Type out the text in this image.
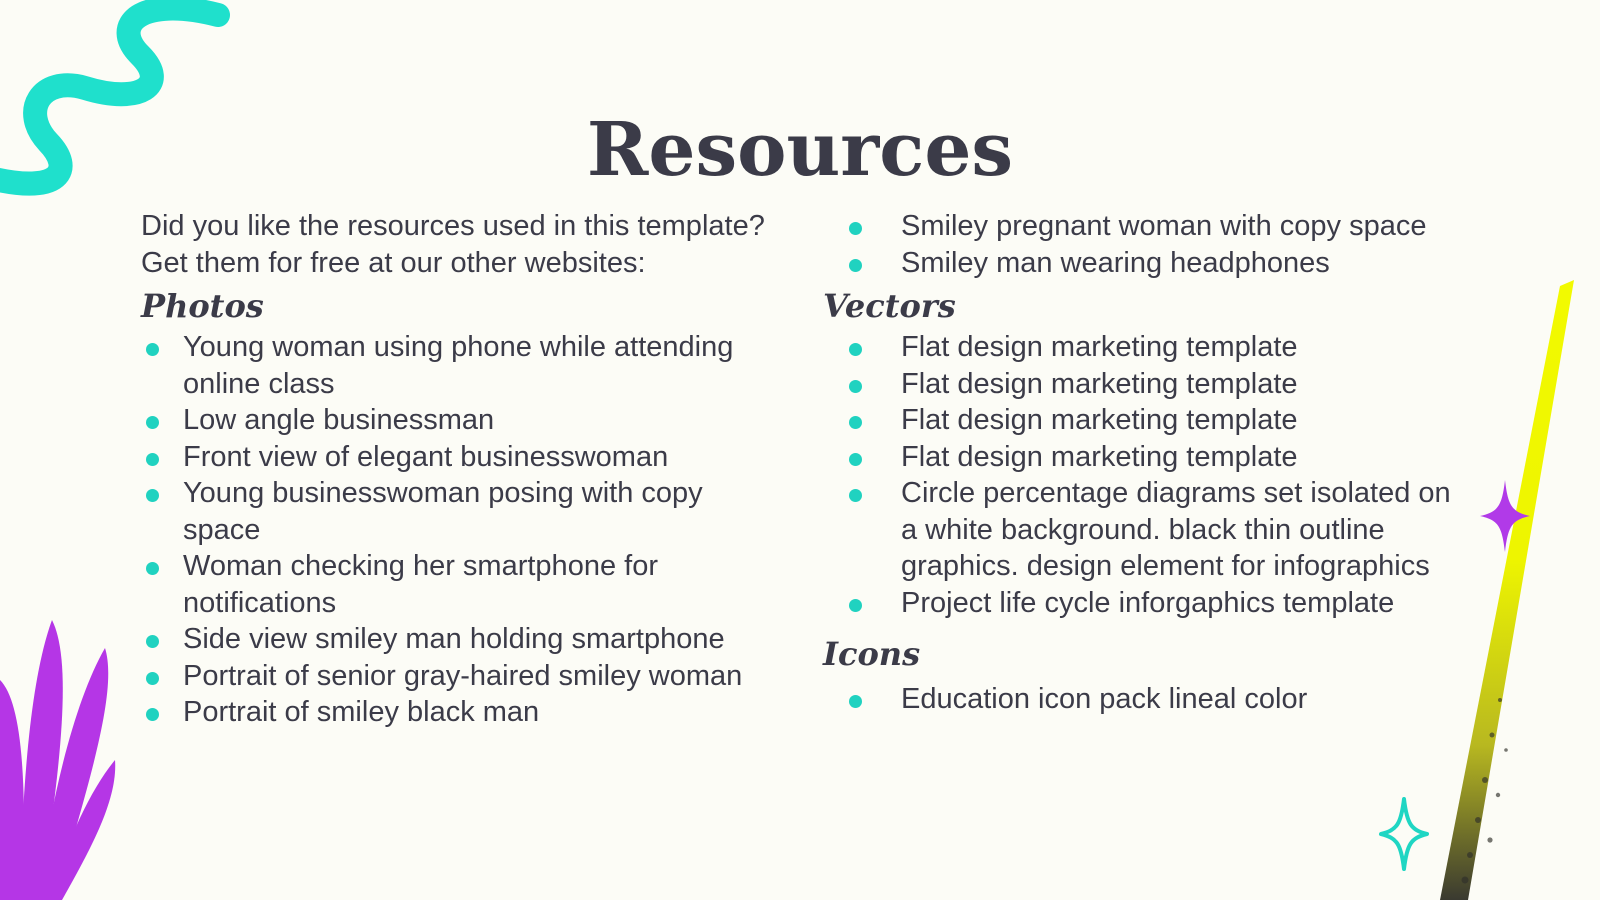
Resources

Did you like the resources used in this template?
Get them for free at our other websites:

Photos
Young woman using phone while attending online class
Low angle businessman
Front view of elegant businesswoman
Young businesswoman posing with copy space
Woman checking her smartphone for notifications
Side view smiley man holding smartphone
Portrait of senior gray-haired smiley woman
Portrait of smiley black man
Smiley pregnant woman with copy space
Smiley man wearing headphones
Vectors
Flat design marketing template
Flat design marketing template
Flat design marketing template
Flat design marketing template
Circle percentage diagrams set isolated on a white background. black thin outline graphics. design element for infographics
Project life cycle inforgaphics template
Icons
Education icon pack lineal color
